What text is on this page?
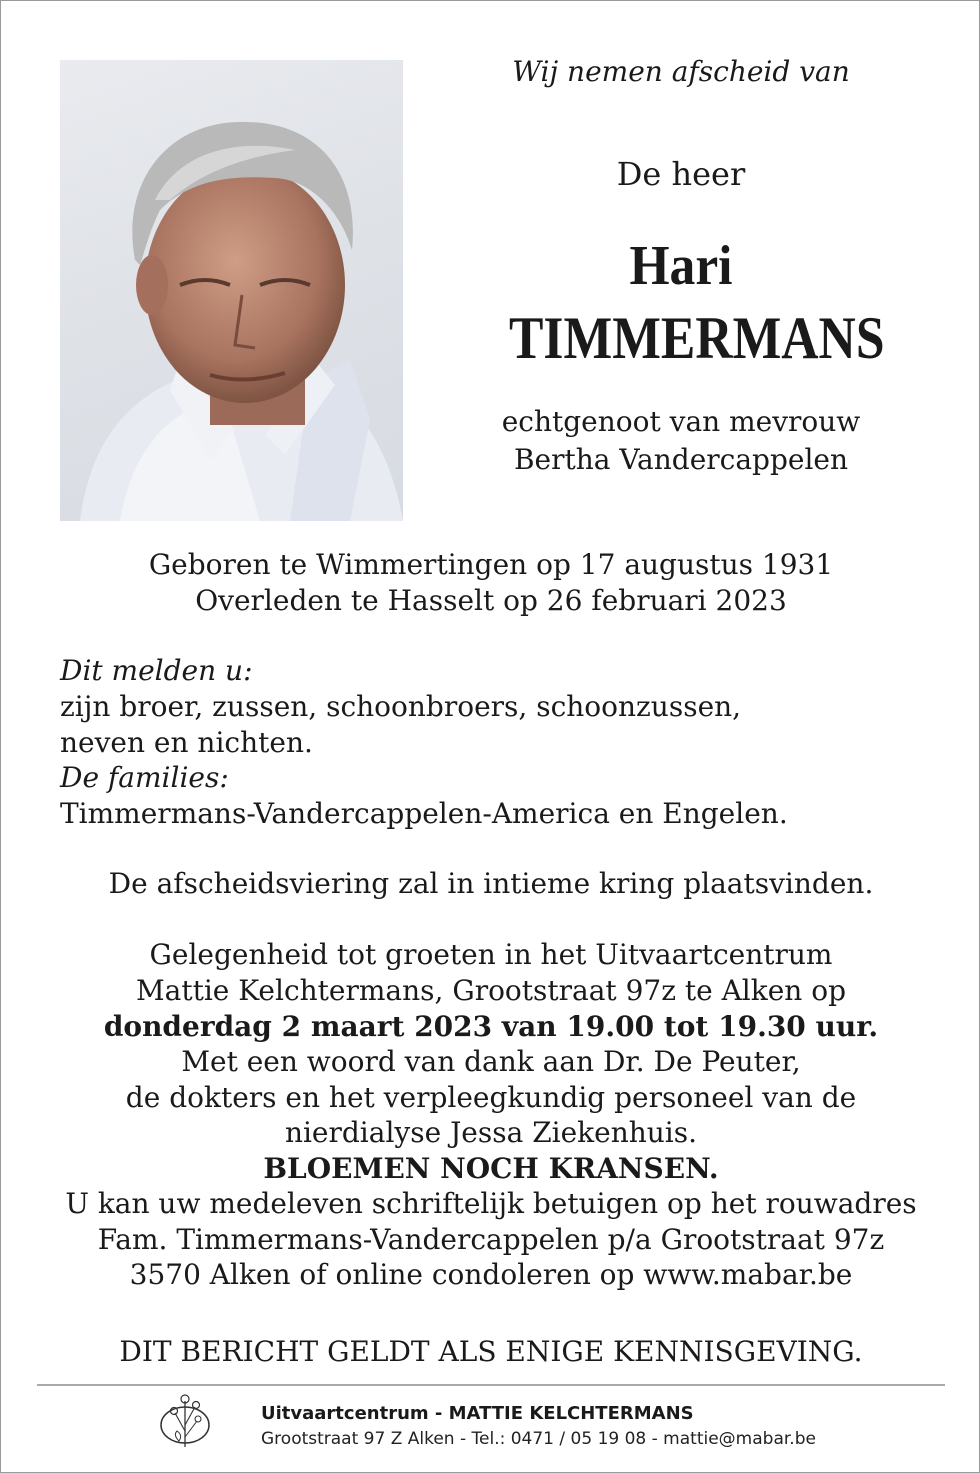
Wij nemen afscheid van
De heer
Hari
TIMMERMANS
echtgenoot van mevrouw
Bertha Vandercappelen
Geboren te Wimmertingen op 17 augustus 1931
Overleden te Hasselt op 26 februari 2023
Dit melden u:
zijn broer, zussen, schoonbroers, schoonzussen,
neven en nichten.
De families:
Timmermans-Vandercappelen-America en Engelen.
De afscheidsviering zal in intieme kring plaatsvinden.
Gelegenheid tot groeten in het Uitvaartcentrum
Mattie Kelchtermans, Grootstraat 97z te Alken op
donderdag 2 maart 2023 van 19.00 tot 19.30 uur.
Met een woord van dank aan Dr. De Peuter,
de dokters en het verpleegkundig personeel van de
nierdialyse Jessa Ziekenhuis.
BLOEMEN NOCH KRANSEN.
U kan uw medeleven schriftelijk betuigen op het rouwadres
Fam. Timmermans-Vandercappelen p/a Grootstraat 97z
3570 Alken of online condoleren op www.mabar.be
DIT BERICHT GELDT ALS ENIGE KENNISGEVING.
Uitvaartcentrum - MATTIE KELCHTERMANS
Grootstraat 97 Z Alken - Tel.: 0471 / 05 19 08 - mattie@mabar.be
